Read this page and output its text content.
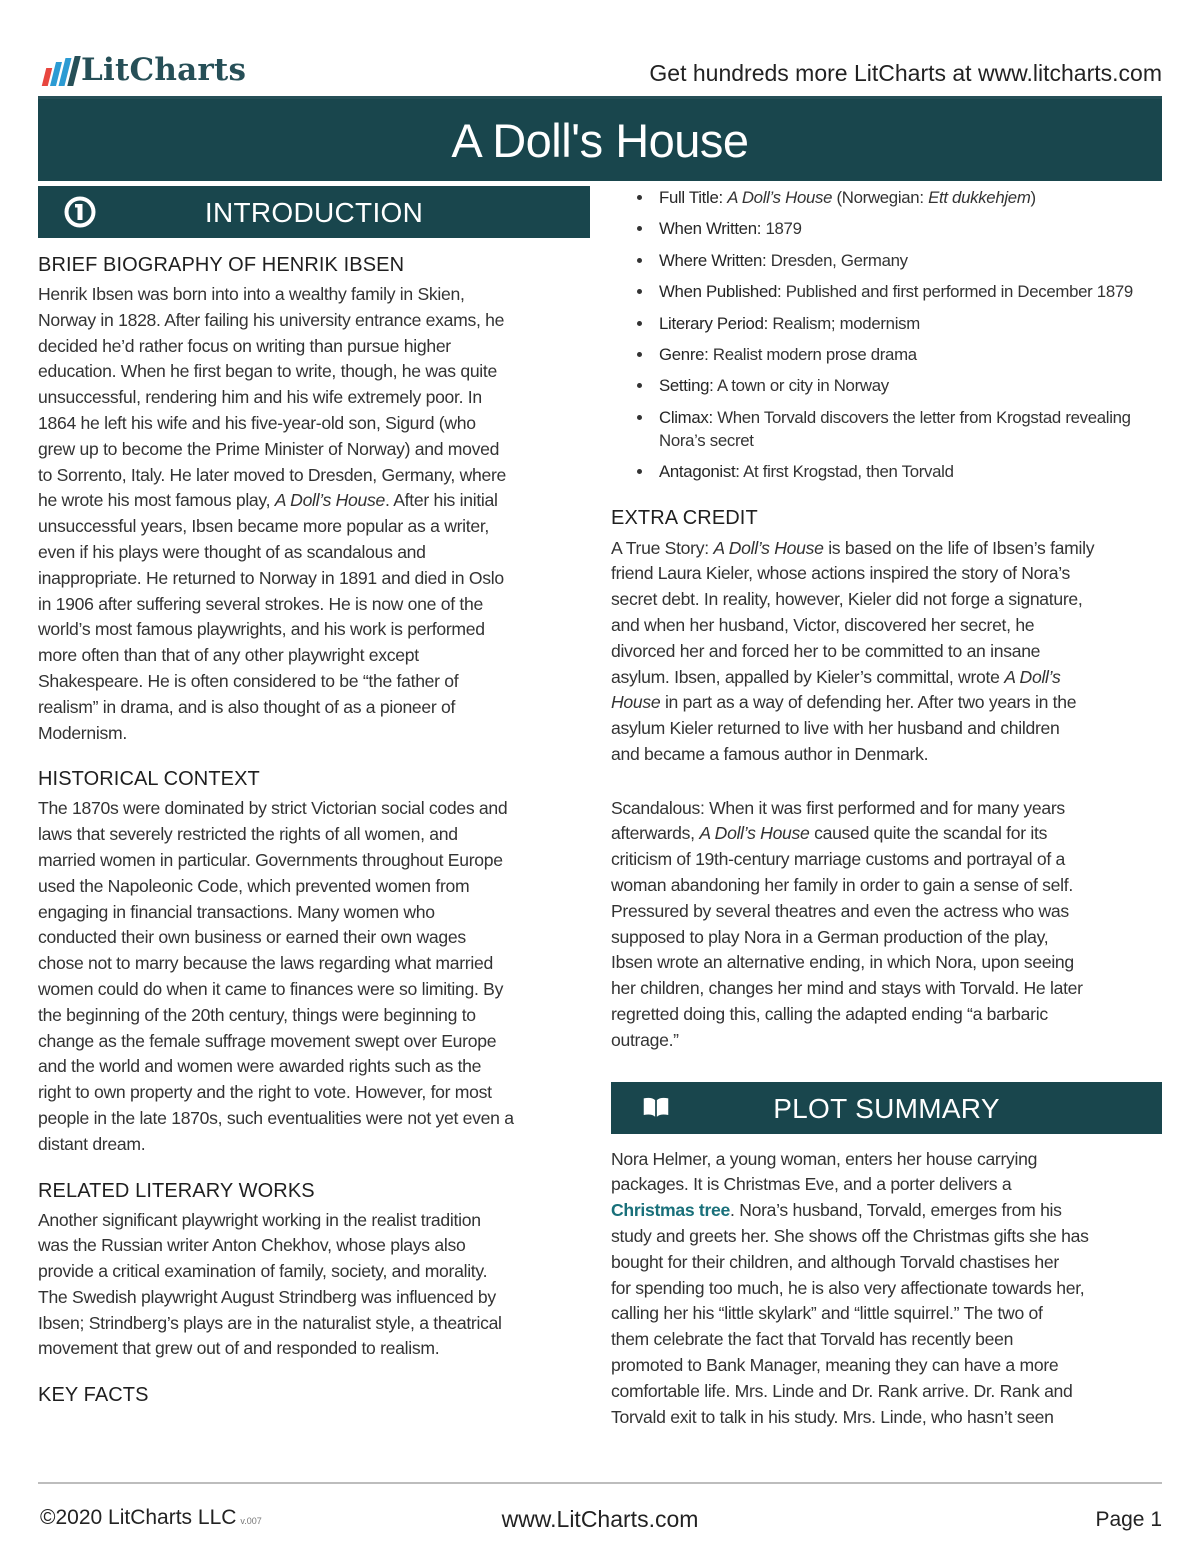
LitCharts	Get hundreds more LitCharts at www.litcharts.com
A Doll's House
INTRODUCTION
BRIEF BIOGRAPHY OF HENRIK IBSEN
Henrik Ibsen was born into into a wealthy family in Skien,
Norway in 1828. After failing his university entrance exams, he
decided he’d rather focus on writing than pursue higher
education. When he first began to write, though, he was quite
unsuccessful, rendering him and his wife extremely poor. In
1864 he left his wife and his five-year-old son, Sigurd (who
grew up to become the Prime Minister of Norway) and moved
to Sorrento, Italy. He later moved to Dresden, Germany, where
he wrote his most famous play, A Doll’s House. After his initial
unsuccessful years, Ibsen became more popular as a writer,
even if his plays were thought of as scandalous and
inappropriate. He returned to Norway in 1891 and died in Oslo
in 1906 after suffering several strokes. He is now one of the
world’s most famous playwrights, and his work is performed
more often than that of any other playwright except
Shakespeare. He is often considered to be “the father of
realism” in drama, and is also thought of as a pioneer of
Modernism.
HISTORICAL CONTEXT
The 1870s were dominated by strict Victorian social codes and
laws that severely restricted the rights of all women, and
married women in particular. Governments throughout Europe
used the Napoleonic Code, which prevented women from
engaging in financial transactions. Many women who
conducted their own business or earned their own wages
chose not to marry because the laws regarding what married
women could do when it came to finances were so limiting. By
the beginning of the 20th century, things were beginning to
change as the female suffrage movement swept over Europe
and the world and women were awarded rights such as the
right to own property and the right to vote. However, for most
people in the late 1870s, such eventualities were not yet even a
distant dream.
RELATED LITERARY WORKS
Another significant playwright working in the realist tradition
was the Russian writer Anton Chekhov, whose plays also
provide a critical examination of family, society, and morality.
The Swedish playwright August Strindberg was influenced by
Ibsen; Strindberg’s plays are in the naturalist style, a theatrical
movement that grew out of and responded to realism.
KEY FACTS
Full Title: A Doll’s House (Norwegian: Ett dukkehjem)
When Written: 1879
Where Written: Dresden, Germany
When Published: Published and first performed in December 1879
Literary Period: Realism; modernism
Genre: Realist modern prose drama
Setting: A town or city in Norway
Climax: When Torvald discovers the letter from Krogstad revealing Nora’s secret
Antagonist: At first Krogstad, then Torvald
EXTRA CREDIT
A True Story: A Doll’s House is based on the life of Ibsen’s family
friend Laura Kieler, whose actions inspired the story of Nora’s
secret debt. In reality, however, Kieler did not forge a signature,
and when her husband, Victor, discovered her secret, he
divorced her and forced her to be committed to an insane
asylum. Ibsen, appalled by Kieler’s committal, wrote A Doll’s
House in part as a way of defending her. After two years in the
asylum Kieler returned to live with her husband and children
and became a famous author in Denmark.
Scandalous: When it was first performed and for many years
afterwards, A Doll’s House caused quite the scandal for its
criticism of 19th-century marriage customs and portrayal of a
woman abandoning her family in order to gain a sense of self.
Pressured by several theatres and even the actress who was
supposed to play Nora in a German production of the play,
Ibsen wrote an alternative ending, in which Nora, upon seeing
her children, changes her mind and stays with Torvald. He later
regretted doing this, calling the adapted ending “a barbaric
outrage.”
PLOT SUMMARY
Nora Helmer, a young woman, enters her house carrying
packages. It is Christmas Eve, and a porter delivers a
Christmas tree. Nora’s husband, Torvald, emerges from his
study and greets her. She shows off the Christmas gifts she has
bought for their children, and although Torvald chastises her
for spending too much, he is also very affectionate towards her,
calling her his “little skylark” and “little squirrel.” The two of
them celebrate the fact that Torvald has recently been
promoted to Bank Manager, meaning they can have a more
comfortable life. Mrs. Linde and Dr. Rank arrive. Dr. Rank and
Torvald exit to talk in his study. Mrs. Linde, who hasn’t seen
©2020 LitCharts LLC v.007	www.LitCharts.com	Page 1
